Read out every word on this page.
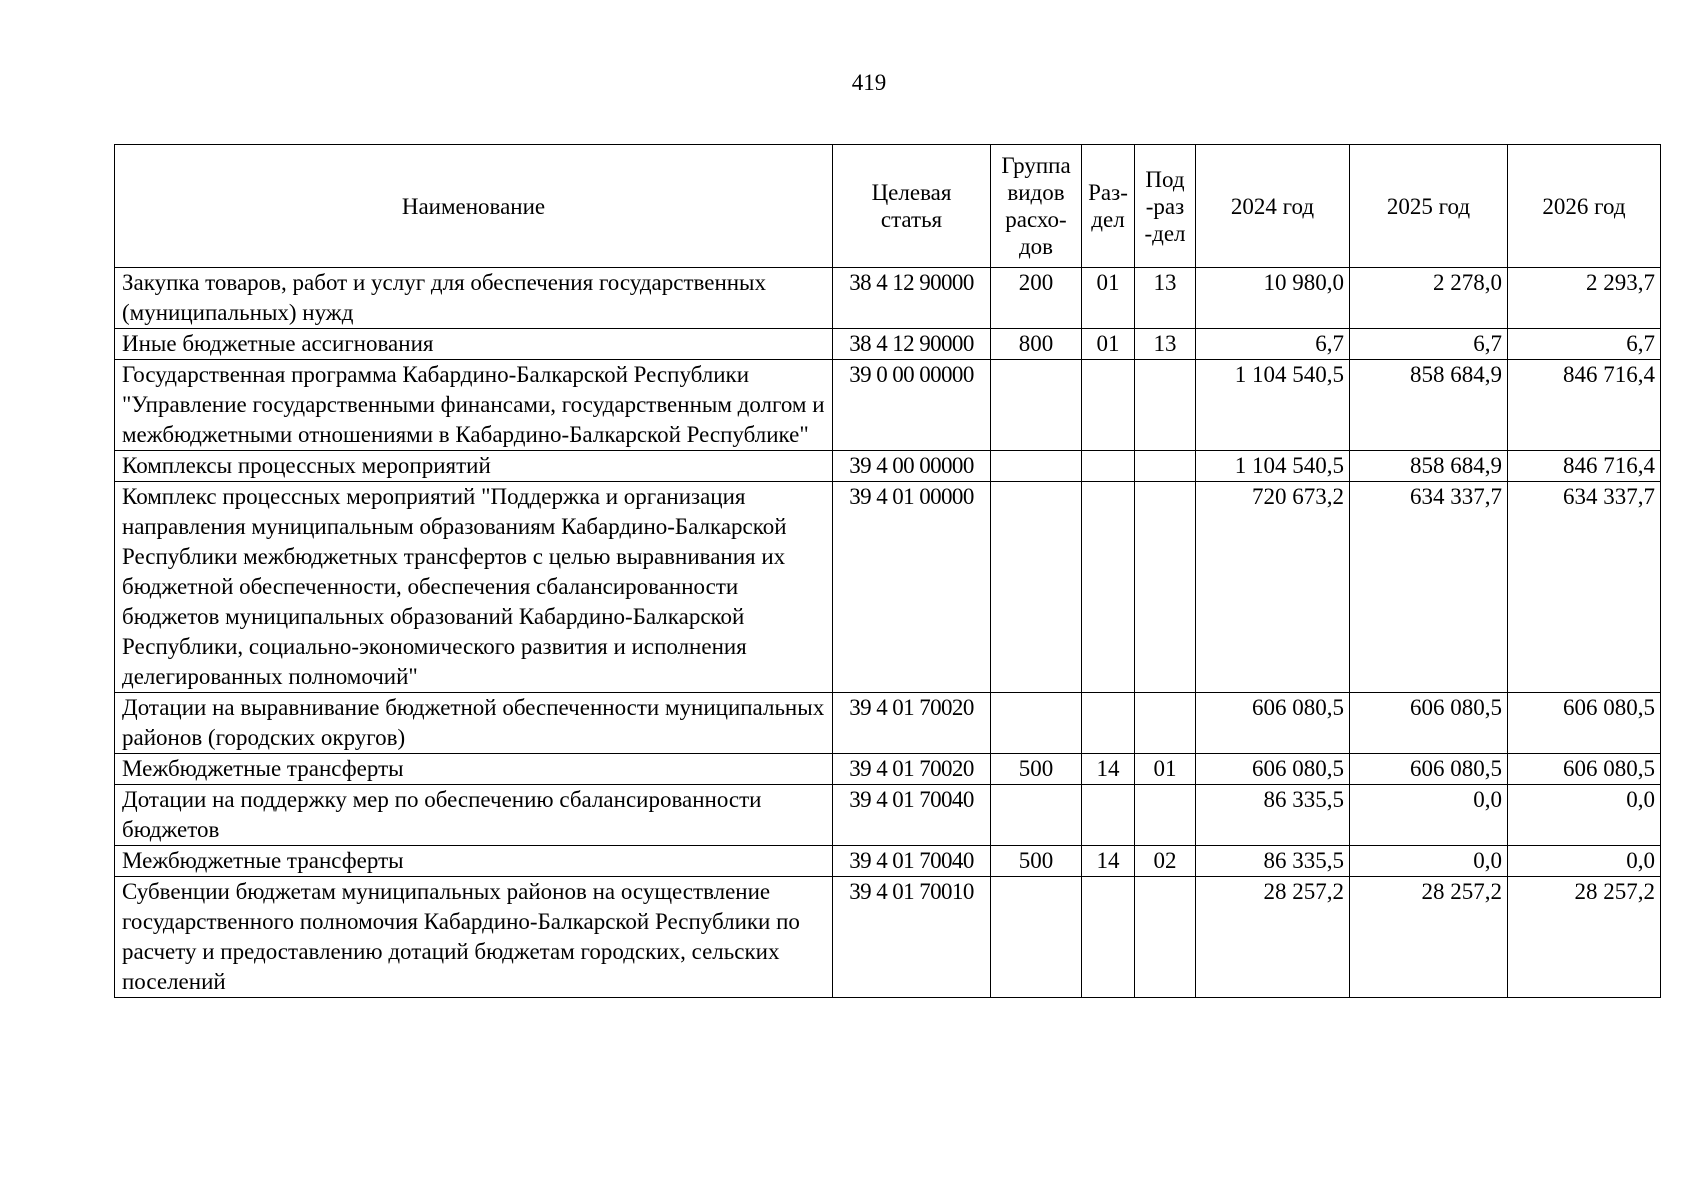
419
Наименование	Целевая статья	Группа видов расхо-дов	Раз-дел	Под-раз-дел	2024 год	2025 год	2026 год
Закупка товаров, работ и услуг для обеспечения государственных (муниципальных) нужд	38 4 12 90000	200	01	13	10 980,0	2 278,0	2 293,7
Иные бюджетные ассигнования	38 4 12 90000	800	01	13	6,7	6,7	6,7
Государственная программа Кабардино-Балкарской Республики "Управление государственными финансами, государственным долгом и межбюджетными отношениями в Кабардино-Балкарской Республике"	39 0 00 00000				1 104 540,5	858 684,9	846 716,4
Комплексы процессных мероприятий	39 4 00 00000				1 104 540,5	858 684,9	846 716,4
Комплекс процессных мероприятий "Поддержка и организация направления муниципальным образованиям Кабардино-Балкарской Республики межбюджетных трансфертов с целью выравнивания их бюджетной обеспеченности, обеспечения сбалансированности бюджетов муниципальных образований Кабардино-Балкарской Республики, социально-экономического развития и исполнения делегированных полномочий"	39 4 01 00000				720 673,2	634 337,7	634 337,7
Дотации на выравнивание бюджетной обеспеченности муниципальных районов (городских округов)	39 4 01 70020				606 080,5	606 080,5	606 080,5
Межбюджетные трансферты	39 4 01 70020	500	14	01	606 080,5	606 080,5	606 080,5
Дотации на поддержку мер по обеспечению сбалансированности бюджетов	39 4 01 70040				86 335,5	0,0	0,0
Межбюджетные трансферты	39 4 01 70040	500	14	02	86 335,5	0,0	0,0
Субвенции бюджетам муниципальных районов на осуществление государственного полномочия Кабардино-Балкарской Республики по расчету и предоставлению дотаций бюджетам городских, сельских поселений	39 4 01 70010				28 257,2	28 257,2	28 257,2
